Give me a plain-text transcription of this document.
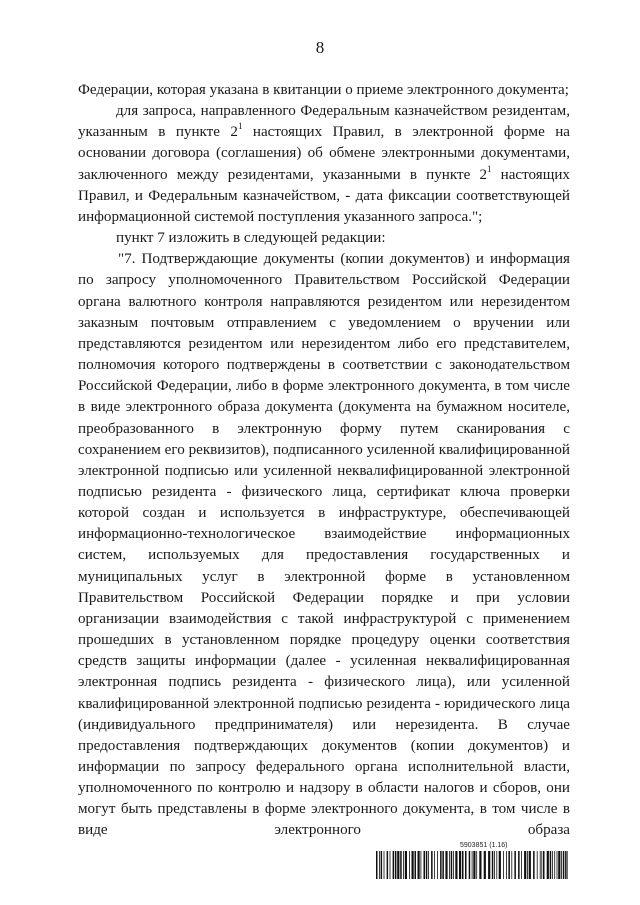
8

Федерации, которая указана в квитанции о приеме электронного документа;

для запроса, направленного Федеральным казначейством резидентам, указанным в пункте $2^1$ настоящих Правил, в электронной форме на основании договора (соглашения) об обмене электронными документами, заключенного между резидентами, указанными в пункте $2^1$ настоящих Правил, и Федеральным казначейством, - дата фиксации соответствующей информационной системой поступления указанного запроса.";

пункт 7 изложить в следующей редакции:

"7. Подтверждающие документы (копии документов) и информация по запросу уполномоченного Правительством Российской Федерации органа валютного контроля направляются резидентом или нерезидентом заказным почтовым отправлением с уведомлением о вручении или представляются резидентом или нерезидентом либо его представителем, полномочия которого подтверждены в соответствии с законодательством Российской Федерации, либо в форме электронного документа, в том числе в виде электронного образа документа (документа на бумажном носителе, преобразованного в электронную форму путем сканирования с сохранением его реквизитов), подписанного усиленной квалифицированной электронной подписью или усиленной неквалифицированной электронной подписью резидента - физического лица, сертификат ключа проверки которой создан и используется в инфраструктуре, обеспечивающей информационно-технологическое взаимодействие информационных систем, используемых для предоставления государственных и муниципальных услуг в электронной форме в установленном Правительством Российской Федерации порядке и при условии организации взаимодействия с такой инфраструктурой с применением прошедших в установленном порядке процедуру оценки соответствия средств защиты информации (далее - усиленная неквалифицированная электронная подпись резидента - физического лица), или усиленной квалифицированной электронной подписью резидента - юридического лица (индивидуального предпринимателя) или нерезидента. В случае предоставления подтверждающих документов (копии документов) и информации по запросу федерального органа исполнительной власти, уполномоченного по контролю и надзору в области налогов и сборов, они могут быть представлены в форме электронного документа, в том числе в виде электронного образа

5903851 (1.16)
